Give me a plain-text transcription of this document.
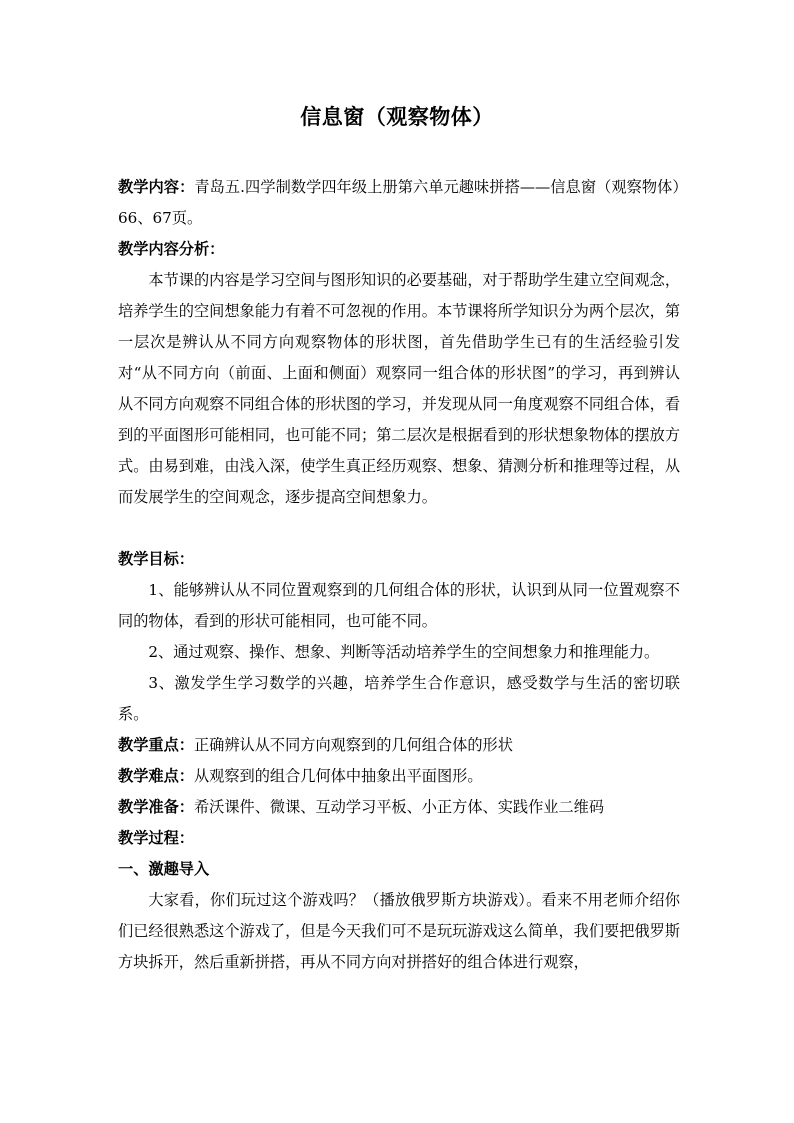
信息窗（观察物体）

教学内容：青岛五.四学制数学四年级上册第六单元趣味拼搭——信息窗（观察物体）66、67页。

教学内容分析：

本节课的内容是学习空间与图形知识的必要基础，对于帮助学生建立空间观念，培养学生的空间想象能力有着不可忽视的作用。本节课将所学知识分为两个层次，第一层次是辨认从不同方向观察物体的形状图，首先借助学生已有的生活经验引发对“从不同方向（前面、上面和侧面）观察同一组合体的形状图”的学习，再到辨认从不同方向观察不同组合体的形状图的学习，并发现从同一角度观察不同组合体，看到的平面图形可能相同，也可能不同；第二层次是根据看到的形状想象物体的摆放方式。由易到难，由浅入深，使学生真正经历观察、想象、猜测分析和推理等过程，从而发展学生的空间观念，逐步提高空间想象力。

教学目标：

1、能够辨认从不同位置观察到的几何组合体的形状，认识到从同一位置观察不同的物体，看到的形状可能相同，也可能不同。

2、通过观察、操作、想象、判断等活动培养学生的空间想象力和推理能力。

3、激发学生学习数学的兴趣，培养学生合作意识，感受数学与生活的密切联系。

教学重点：正确辨认从不同方向观察到的几何组合体的形状

教学难点：从观察到的组合几何体中抽象出平面图形。

教学准备：希沃课件、微课、互动学习平板、小正方体、实践作业二维码

教学过程：

一、激趣导入

大家看，你们玩过这个游戏吗？（播放俄罗斯方块游戏）。看来不用老师介绍你们已经很熟悉这个游戏了，但是今天我们可不是玩玩游戏这么简单，我们要把俄罗斯方块拆开，然后重新拼搭，再从不同方向对拼搭好的组合体进行观察，
